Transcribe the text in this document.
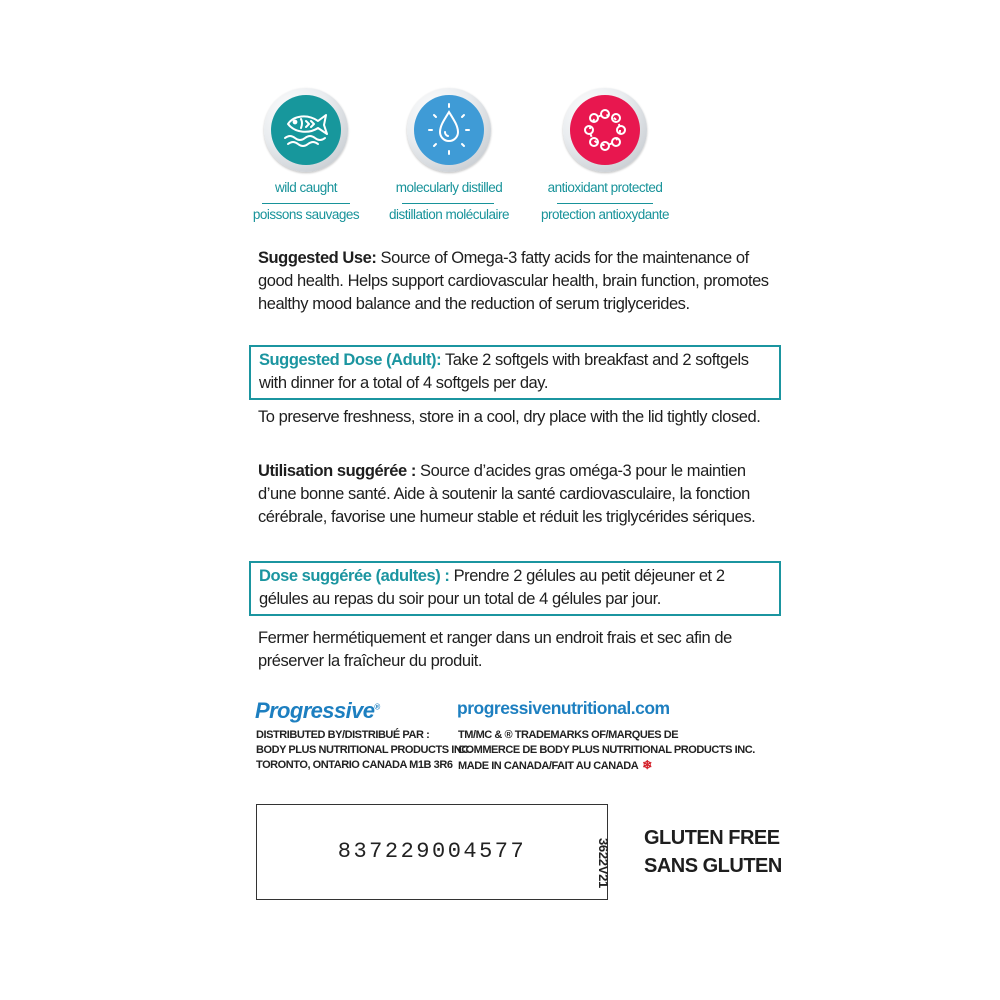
wild caught
poissons sauvages
molecularly distilled
distillation moléculaire
antioxidant protected
protection antioxydante
Suggested Use: Source of Omega-3 fatty acids for the maintenance of good health. Helps support cardiovascular health, brain function, promotes healthy mood balance and the reduction of serum triglycerides.
Suggested Dose (Adult): Take 2 softgels with breakfast and 2 softgels with dinner for a total of 4 softgels per day.
To preserve freshness, store in a cool, dry place with the lid tightly closed.
Utilisation suggérée : Source d’acides gras oméga-3 pour le maintien d’une bonne santé. Aide à soutenir la santé cardiovasculaire, la fonction cérébrale, favorise une humeur stable et réduit les triglycérides sériques.
Dose suggérée (adultes) : Prendre 2 gélules au petit déjeuner et 2 gélules au repas du soir pour un total de 4 gélules par jour.
Fermer hermétiquement et ranger dans un endroit frais et sec afin de préserver la fraîcheur du produit.
Progressive®	progressivenutritional.com
DISTRIBUTED BY/DISTRIBUÉ PAR :
BODY PLUS NUTRITIONAL PRODUCTS INC.
TORONTO, ONTARIO CANADA M1B 3R6
TM/MC & ® TRADEMARKS OF/MARQUES DE
COMMERCE DE BODY PLUS NUTRITIONAL PRODUCTS INC.
MADE IN CANADA/FAIT AU CANADA ❄
837229004577	3622V21 GLUTEN FREE
SANS GLUTEN
